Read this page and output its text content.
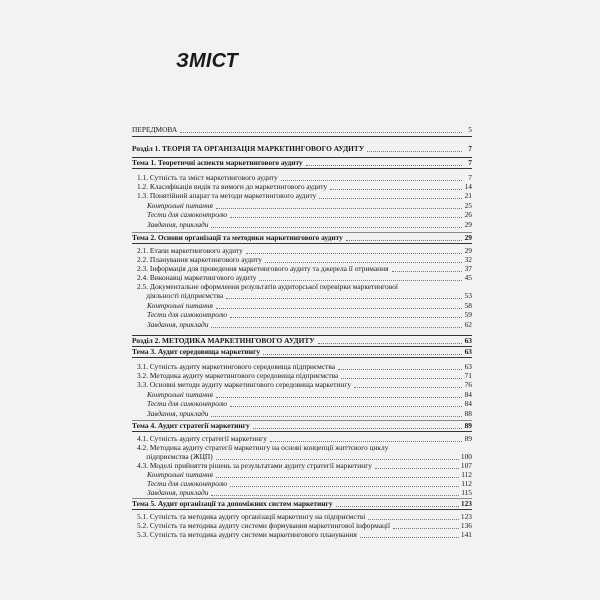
ЗМІСТ
ПЕРЕДМОВА	5
Розділ 1. ТЕОРІЯ ТА ОРГАНІЗАЦІЯ МАРКЕТИНГОВОГО АУДИТУ	7
Тема 1. Теоретичні аспекти маркетингового аудиту	7
1.1. Сутність та зміст маркетингового аудиту	7
1.2. Класифікація видів та вимоги до маркетингового аудиту	14
1.3. Понятійний апарат та методи маркетингового аудиту	21
Контрольні питання	25
Тести для самоконтролю	26
Завдання, приклади	29
Тема 2. Основи організації та методики маркетингового аудиту	29
2.1. Етапи маркетингового аудиту	29
2.2. Планування маркетингового аудиту	32
2.3. Інформація для проведення маркетингового аудиту та джерела її отримання	37
2.4. Виконавці маркетингового аудиту	45
2.5. Документальне оформлення результатів аудиторської перевірки маркетингової
діяльності підприємства	53
Контрольні питання	58
Тести для самоконтролю	59
Завдання, приклади	62
Розділ 2. МЕТОДИКА МАРКЕТИНГОВОГО АУДИТУ	63
Тема 3. Аудит середовища маркетингу	63
3.1. Сутність аудиту маркетингового середовища підприємства	63
3.2. Методика аудиту маркетингового середовища підприємства	71
3.3. Основні методи аудиту маркетингового середовища маркетингу	76
Контрольні питання	84
Тести для самоконтролю	84
Завдання, приклади	88
Тема 4. Аудит стратегії маркетингу	89
4.1. Сутність аудиту стратегії маркетингу	89
4.2. Методика аудиту стратегії маркетингу на основі концепції життєвого циклу
підприємства (ЖЦП)	100
4.3. Моделі прийняття рішень за результатами аудиту стратегії маркетингу	107
Контрольні питання	112
Тести для самоконтролю	112
Завдання, приклади	115
Тема 5. Аудит організації та допоміжних систем маркетингу	123
5.1. Сутність та методика аудиту організації маркетингу на підприємстві	123
5.2. Сутність та методика аудиту системи формування маркетингової інформації	136
5.3. Сутність та методика аудиту системи маркетингового планування	141
